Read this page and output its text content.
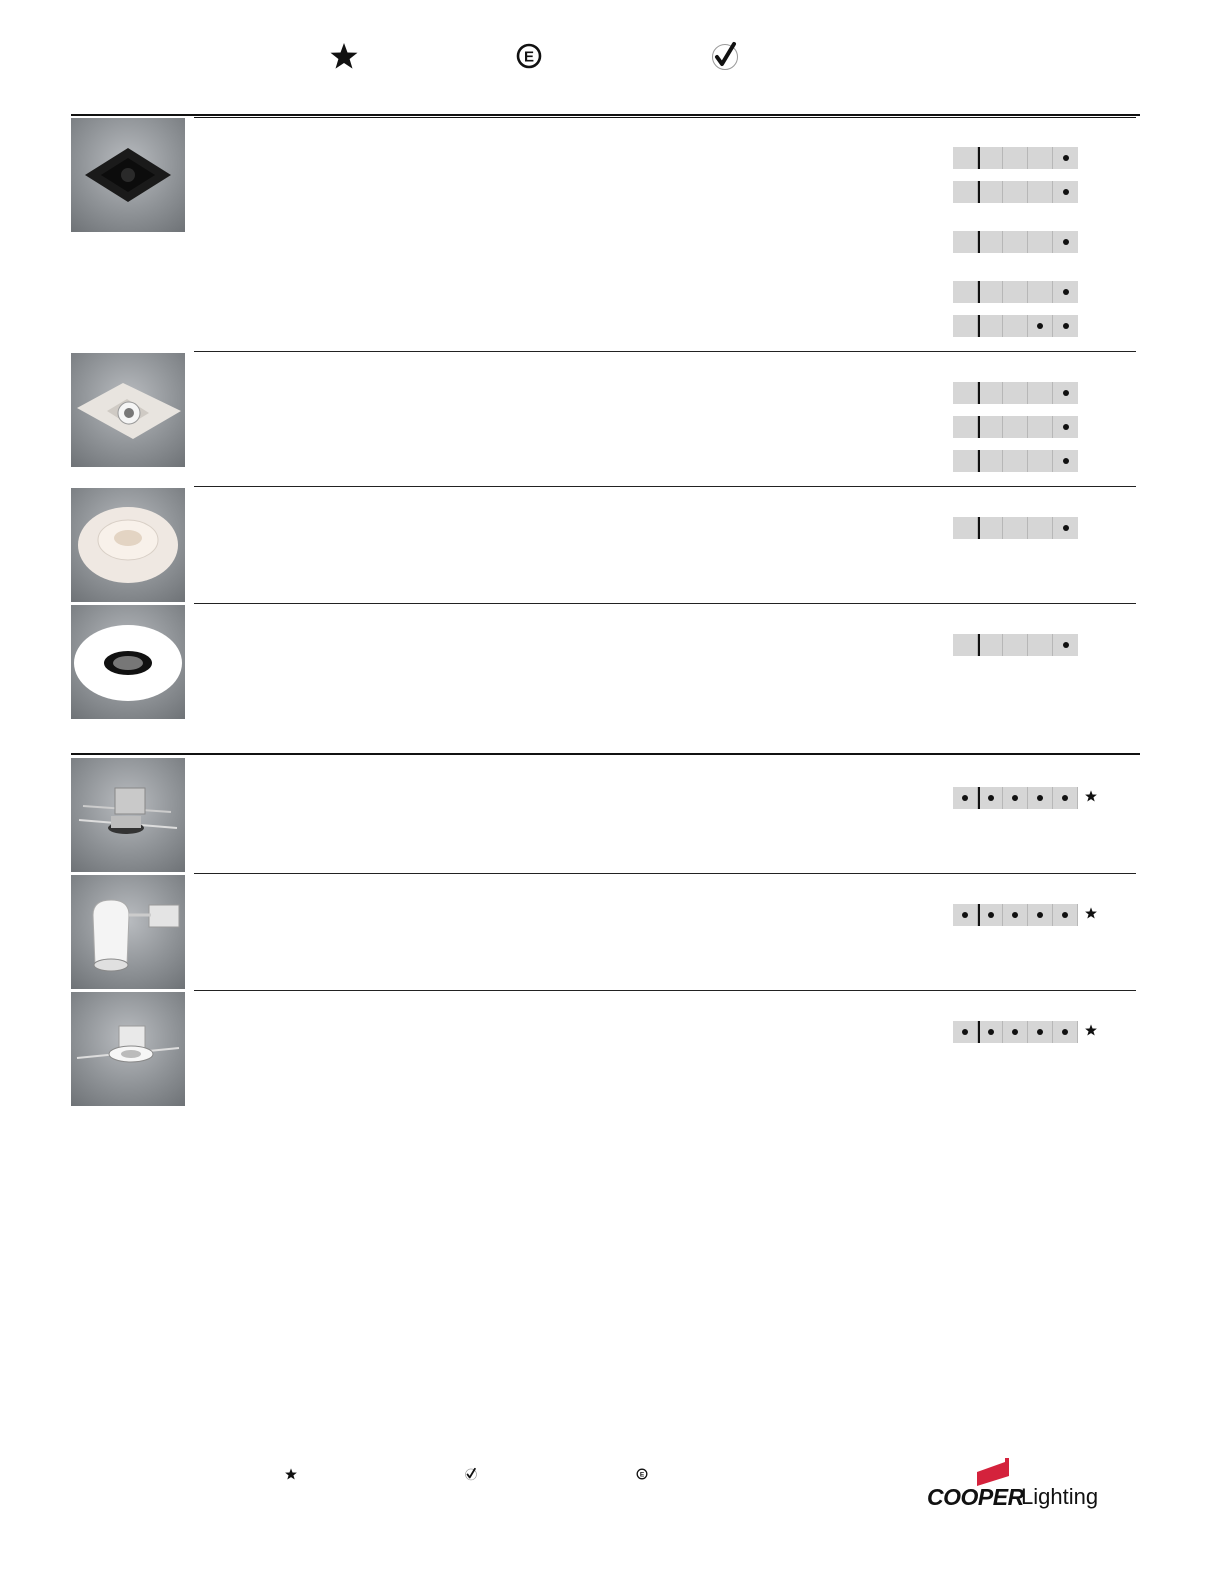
E
E
COOPER
Lighting
